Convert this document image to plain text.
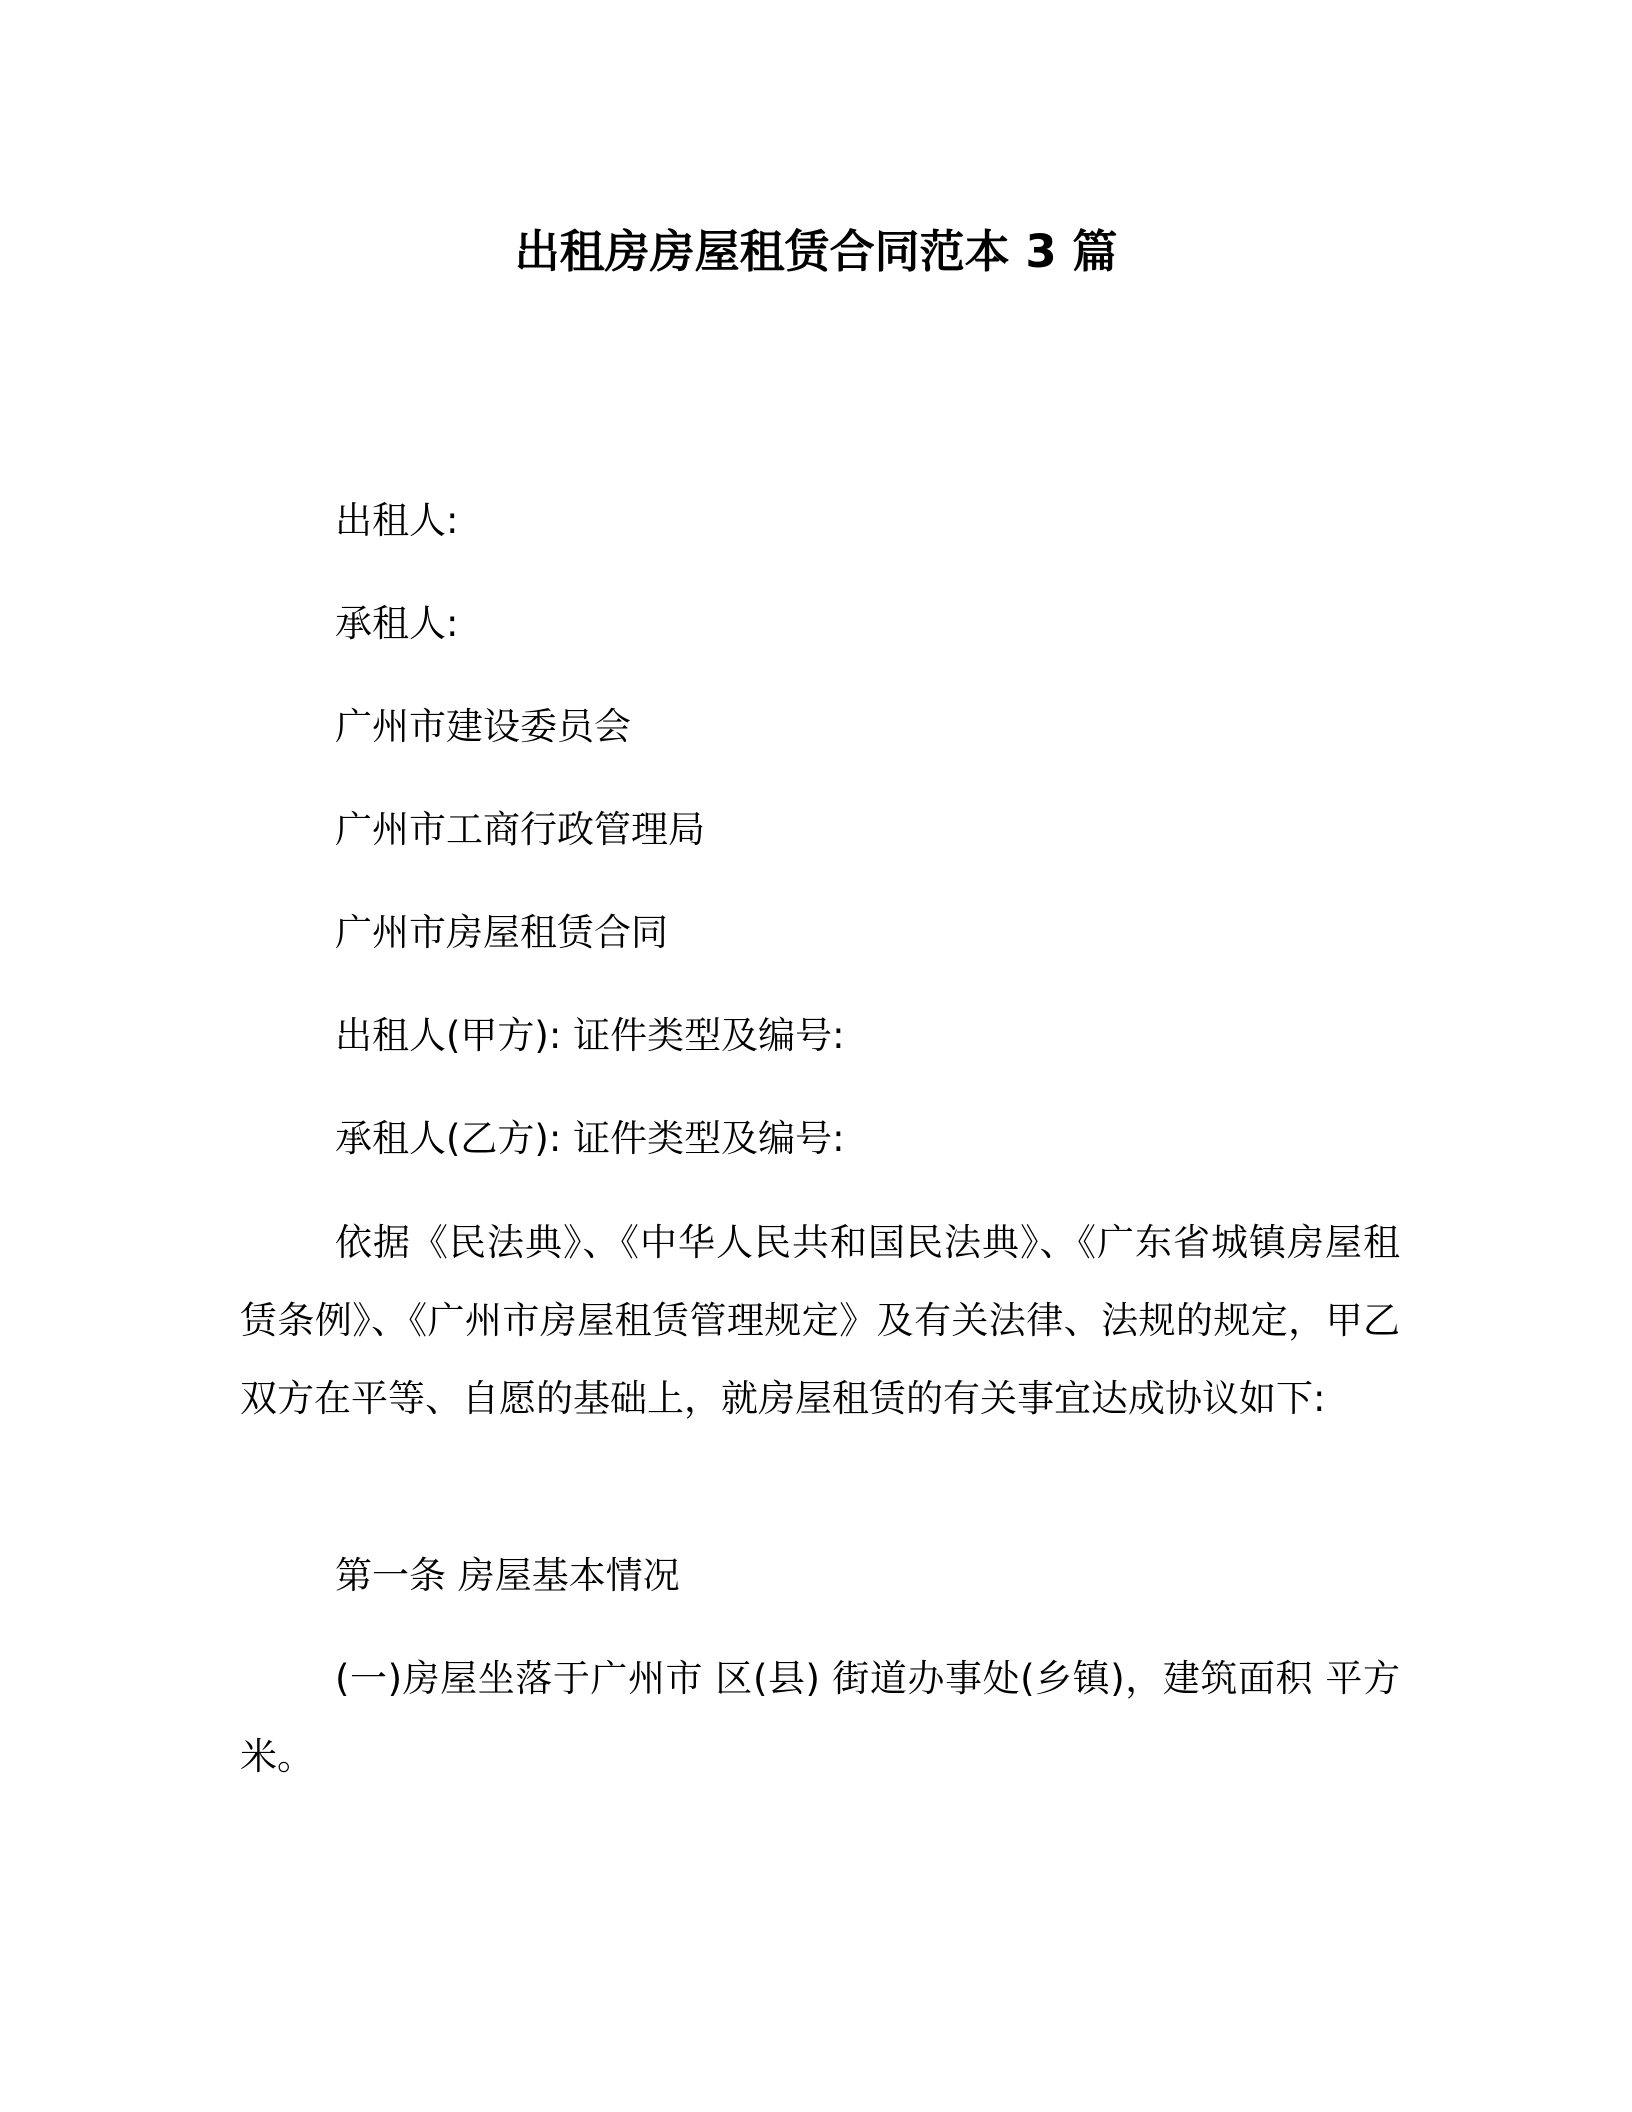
出租房房屋租赁合同范本 3 篇
出租人:
承租人:
广州市建设委员会
广州市工商行政管理局
广州市房屋租赁合同
出租人(甲方): 证件类型及编号:
承租人(乙方): 证件类型及编号:
依据《民法典》、《中华人民共和国民法典》、《广东省城镇房屋租赁条例》、《广州市房屋租赁管理规定》及有关法律、法规的规定，甲乙双方在平等、自愿的基础上，就房屋租赁的有关事宜达成协议如下:
第一条 房屋基本情况
(一)房屋坐落于广州市 区(县) 街道办事处(乡镇)，建筑面积 平方米。
